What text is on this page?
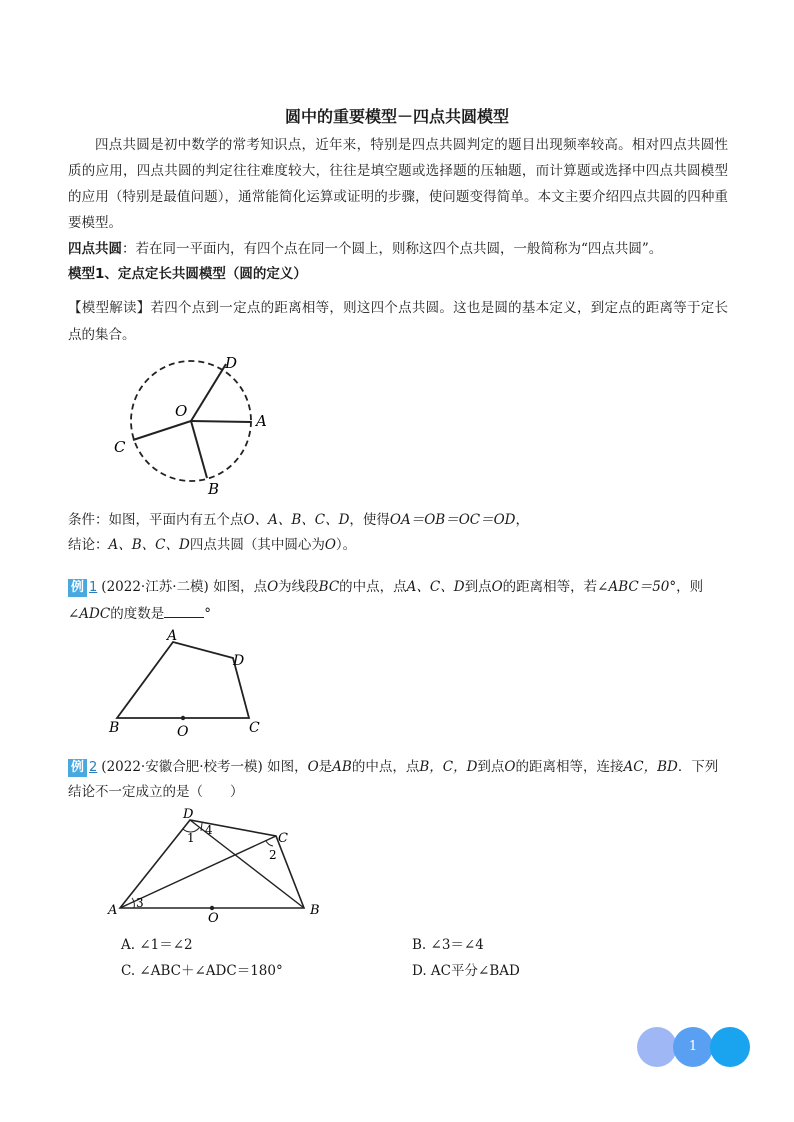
圆中的重要模型－四点共圆模型
四点共圆是初中数学的常考知识点，近年来，特别是四点共圆判定的题目出现频率较高。相对四点共圆性质的应用，四点共圆的判定往往难度较大，往往是填空题或选择题的压轴题，而计算题或选择中四点共圆模型的应用（特别是最值问题），通常能简化运算或证明的步骤，使问题变得简单。本文主要介绍四点共圆的四种重要模型。
四点共圆：若在同一平面内，有四个点在同一个圆上，则称这四个点共圆，一般简称为“四点共圆”。
模型1、定点定长共圆模型（圆的定义）
【模型解读】若四个点到一定点的距离相等，则这四个点共圆。这也是圆的基本定义，到定点的距离等于定长点的集合。
D
O
A
C
B
条件：如图，平面内有五个点O、A、B、C、D，使得OA＝OB＝OC＝OD，
结论：A、B、C、D四点共圆（其中圆心为O）。
例 1 (2022·江苏·二模) 如图，点O为线段BC的中点，点A、C、D到点O的距离相等，若∠ABC＝50°，则
∠ADC的度数是	°
A
D
B	O	C
例 2 (2022·安徽合肥·校考一模) 如图，O是AB的中点，点B，C，D到点O的距离相等，连接AC，BD．下列
结论不一定成立的是（　　）
D
C
A	B
O
1
2
3
4
A. ∠1＝∠2	B. ∠3＝∠4
C. ∠ABC＋∠ADC＝180°	D. AC平分∠BAD
1
